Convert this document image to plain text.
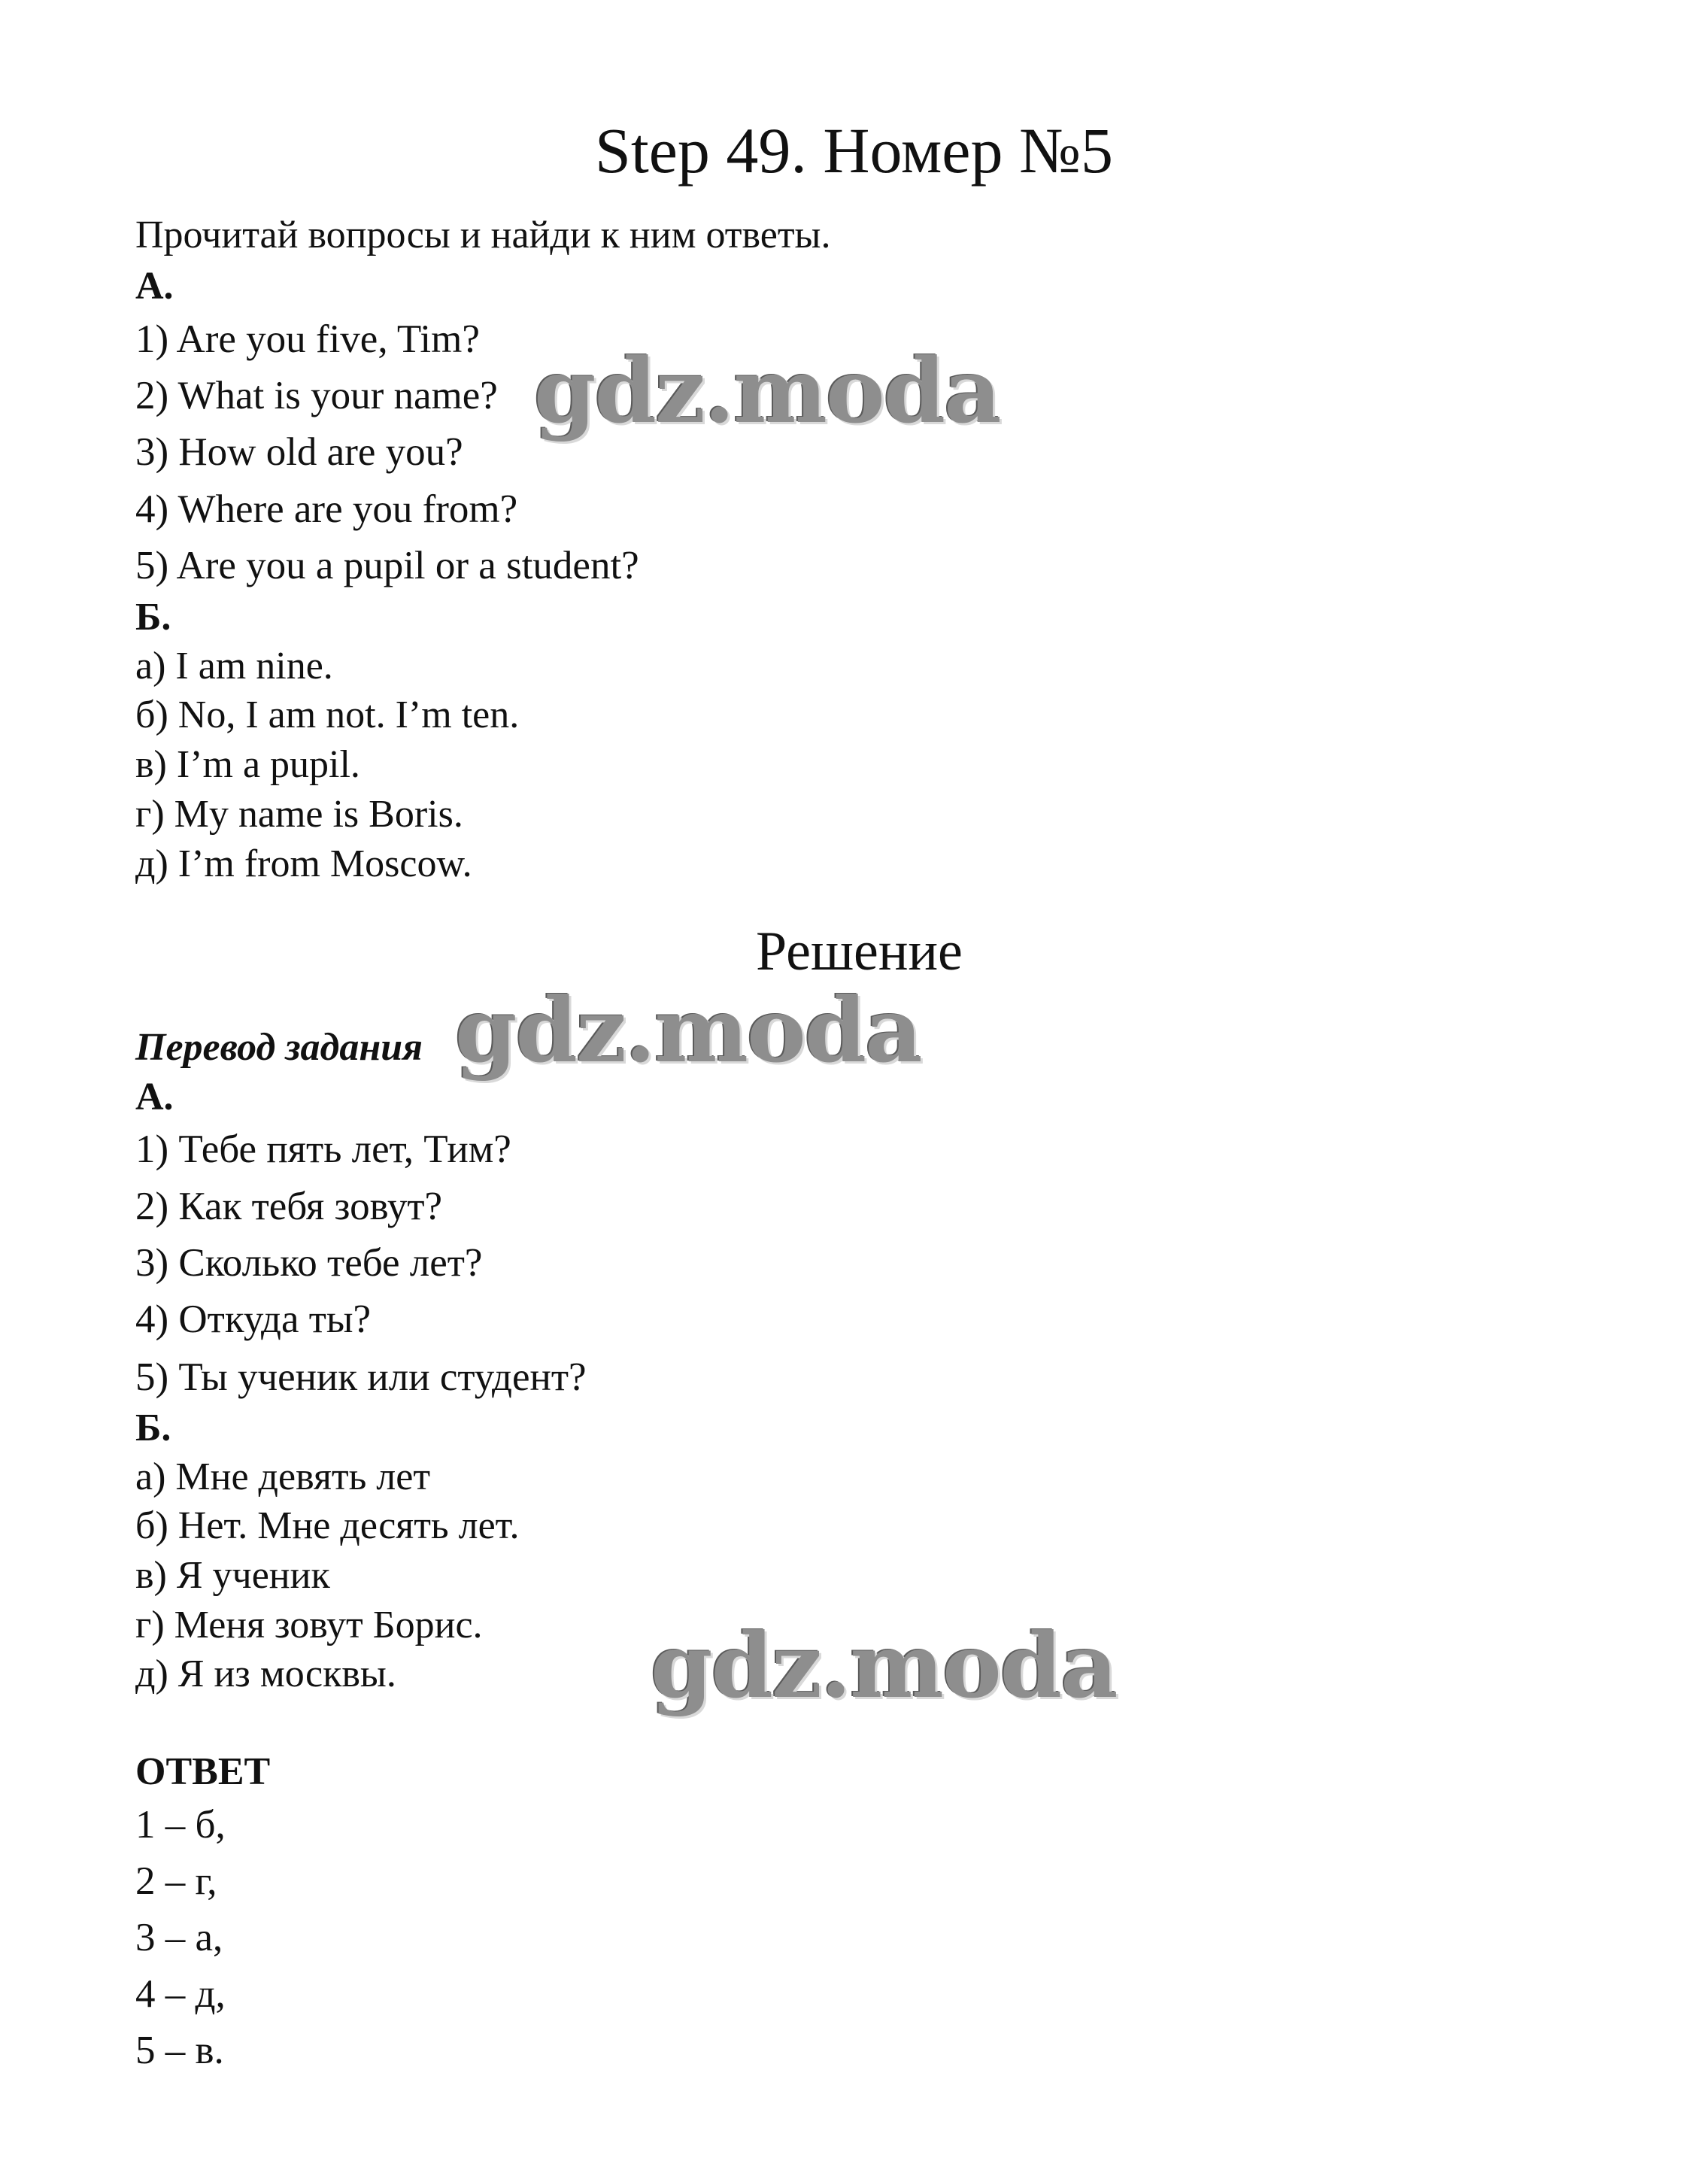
Step 49. Номер №5
Прочитай вопросы и найди к ним ответы.
А.
1) Are you five, Tim?
2) What is your name?
3) How old are you?
4) Where are you from?
5) Are you a pupil or a student?
Б.
а) I am nine.
б) No, I am not. I’m ten.
в) I’m a pupil.
г) My name is Boris.
д) I’m from Moscow.
Решение
Перевод задания
А.
1) Тебе пять лет, Тим?
2) Как тебя зовут?
3) Сколько тебе лет?
4) Откуда ты?
5) Ты ученик или студент?
Б.
а) Мне девять лет
б) Нет. Мне десять лет.
в) Я ученик
г) Меня зовут Борис.
д) Я из москвы.
ОТВЕТ
1 – б,
2 – г,
3 – а,
4 – д,
5 – в.
gdz.moda
gdz.moda
gdz.moda
